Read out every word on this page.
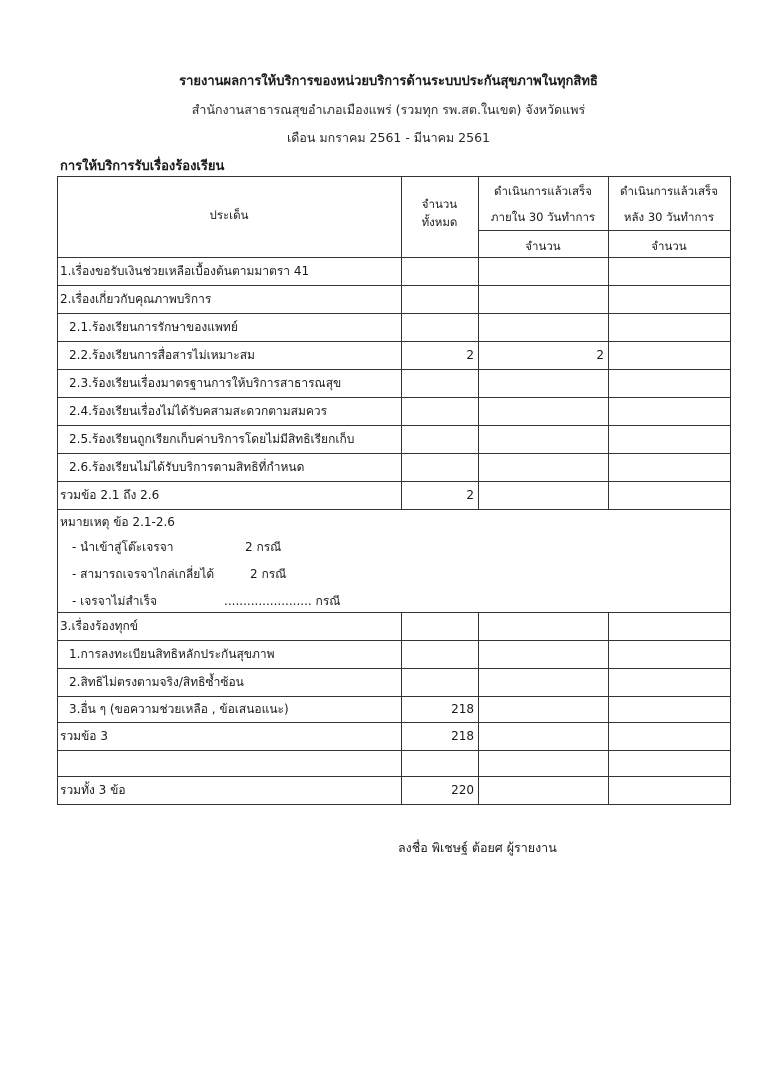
รายงานผลการให้บริการของหน่วยบริการด้านระบบประกันสุขภาพในทุกสิทธิ
สำนักงานสาธารณสุขอำเภอเมืองแพร่ (รวมทุก รพ.สต.ในเขต) จังหวัดแพร่
เดือน มกราคม 2561 - มีนาคม 2561
การให้บริการรับเรื่องร้องเรียน
ประเด็น
จำนวน
ทั้งหมด
ดำเนินการแล้วเสร็จ
ภายใน 30 วันทำการ
ดำเนินการแล้วเสร็จ
หลัง 30 วันทำการ
จำนวน	จำนวน
1.เรื่องขอรับเงินช่วยเหลือเบื้องต้นตามมาตรา 41
2.เรื่องเกี่ยวกับคุณภาพบริการ
2.1.ร้องเรียนการรักษาของแพทย์
2.2.ร้องเรียนการสื่อสารไม่เหมาะสม	2	2
2.3.ร้องเรียนเรื่องมาตรฐานการให้บริการสาธารณสุข
2.4.ร้องเรียนเรื่องไม่ได้รับคสามสะดวกตามสมควร
2.5.ร้องเรียนถูกเรียกเก็บค่าบริการโดยไม่มีสิทธิเรียกเก็บ
2.6.ร้องเรียนไม่ได้รับบริการตามสิทธิที่กำหนด
รวมข้อ 2.1 ถึง 2.6	2
หมายเหตุ ข้อ 2.1-2.6
- นำเข้าสู่โต๊ะเจรจา	2 กรณี
- สามารถเจรจาไกล่เกลี่ยได้	2 กรณี
- เจรจาไม่สำเร็จ	....................... กรณี
3.เรื่องร้องทุกข์
1.การลงทะเบียนสิทธิหลักประกันสุขภาพ
2.สิทธิไม่ตรงตามจริง/สิทธิซ้ำซ้อน
3.อื่น ๆ (ขอความช่วยเหลือ , ข้อเสนอแนะ)	218
รวมข้อ 3	218
รวมทั้ง 3 ข้อ	220
ลงชื่อ พิเชษฐ์ ต้อยศ ผู้รายงาน
